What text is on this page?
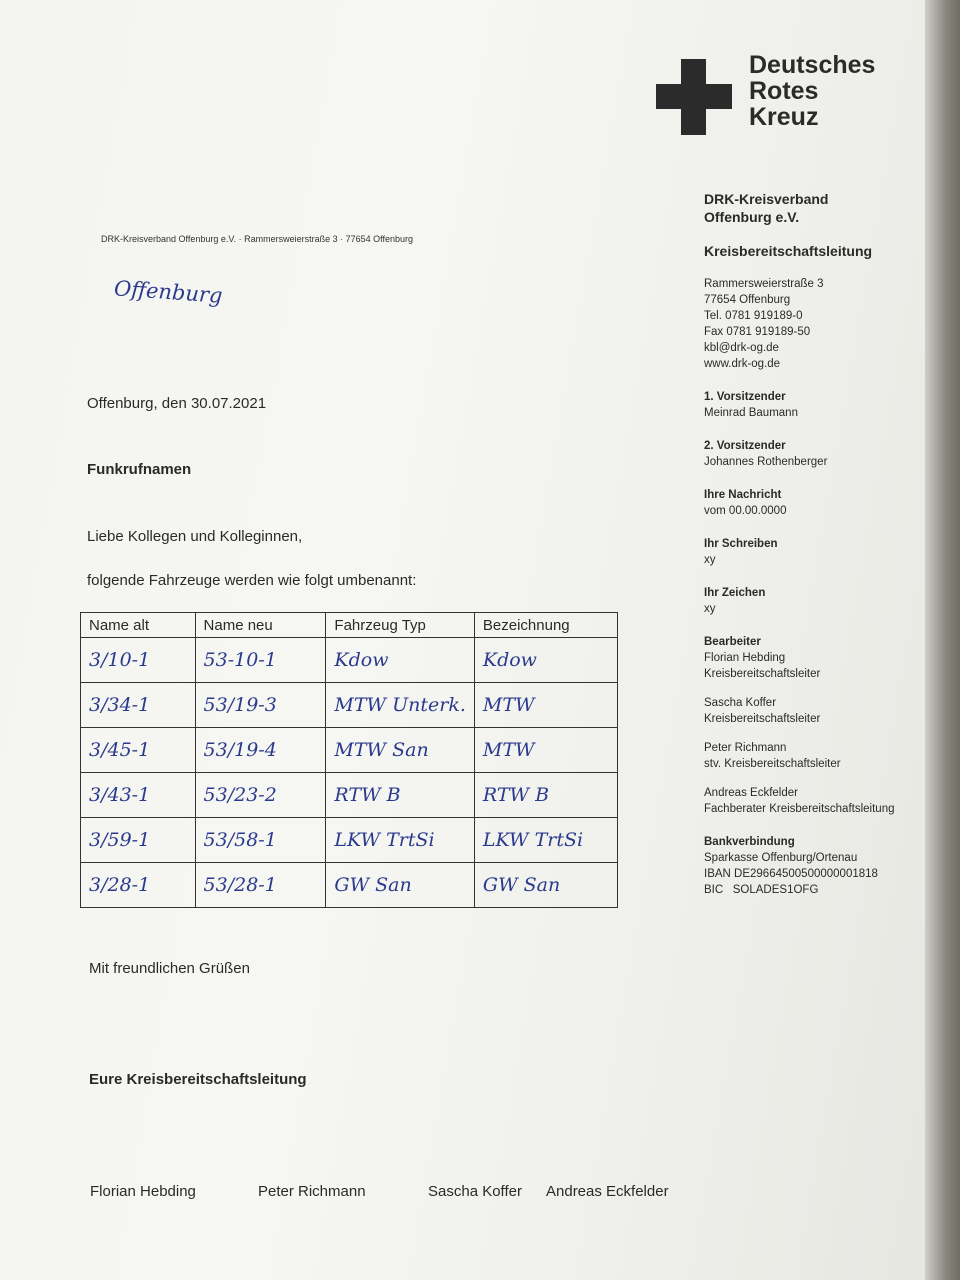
Deutsches
Rotes
Kreuz
DRK-Kreisverband Offenburg e.V. · Rammersweierstraße 3 · 77654 Offenburg
Offenburg
Offenburg, den 30.07.2021
Funkrufnamen
Liebe Kollegen und Kolleginnen,
folgende Fahrzeuge werden wie folgt umbenannt:
Name alt	Name neu	Fahrzeug Typ	Bezeichnung
3/10-1	53-10-1	Kdow	Kdow
3/34-1	53/19-3	MTW Unterk.	MTW
3/45-1	53/19-4	MTW San	MTW
3/43-1	53/23-2	RTW B	RTW B
3/59-1	53/58-1	LKW TrtSi	LKW TrtSi
3/28-1	53/28-1	GW San	GW San
Mit freundlichen Grüßen
Eure Kreisbereitschaftsleitung
Florian Hebding	Peter Richmann	Sascha Koffer Andreas Eckfelder
DRK-Kreisverband
Offenburg e.V.
Kreisbereitschaftsleitung
Rammersweierstraße 3
77654 Offenburg
Tel. 0781 919189-0
Fax 0781 919189-50
kbl@drk-og.de
www.drk-og.de
1. Vorsitzender
Meinrad Baumann
2. Vorsitzender
Johannes Rothenberger
Ihre Nachricht
vom 00.00.0000
Ihr Schreiben
xy
Ihr Zeichen
xy
Bearbeiter
Florian Hebding
Kreisbereitschaftsleiter
Sascha Koffer
Kreisbereitschaftsleiter
Peter Richmann
stv. Kreisbereitschaftsleiter
Andreas Eckfelder
Fachberater Kreisbereitschaftsleitung
Bankverbindung
Sparkasse Offenburg/Ortenau
IBAN DE29664500500000001818
BIC   SOLADES1OFG
